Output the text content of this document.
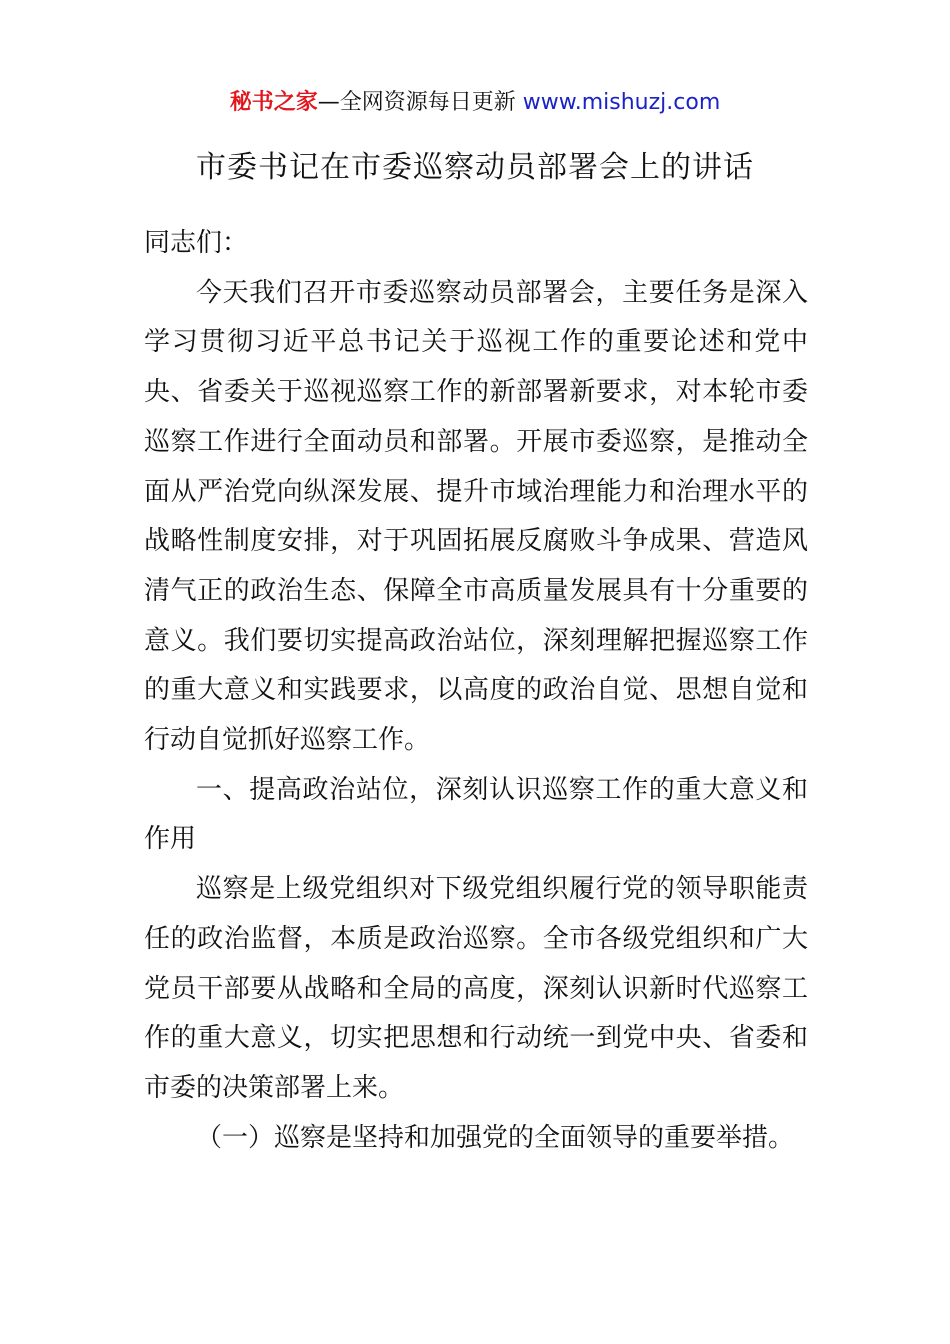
秘书之家—全网资源每日更新 www.mishuzj.com
市委书记在市委巡察动员部署会上的讲话

同志们：

今天我们召开市委巡察动员部署会，主要任务是深入学习贯彻习近平总书记关于巡视工作的重要论述和党中央、省委关于巡视巡察工作的新部署新要求，对本轮市委巡察工作进行全面动员和部署。开展市委巡察，是推动全面从严治党向纵深发展、提升市域治理能力和治理水平的战略性制度安排，对于巩固拓展反腐败斗争成果、营造风清气正的政治生态、保障全市高质量发展具有十分重要的意义。我们要切实提高政治站位，深刻理解把握巡察工作的重大意义和实践要求，以高度的政治自觉、思想自觉和行动自觉抓好巡察工作。

一、提高政治站位，深刻认识巡察工作的重大意义和作用

巡察是上级党组织对下级党组织履行党的领导职能责任的政治监督，本质是政治巡察。全市各级党组织和广大党员干部要从战略和全局的高度，深刻认识新时代巡察工作的重大意义，切实把思想和行动统一到党中央、省委和市委的决策部署上来。

（一）巡察是坚持和加强党的全面领导的重要举措。
